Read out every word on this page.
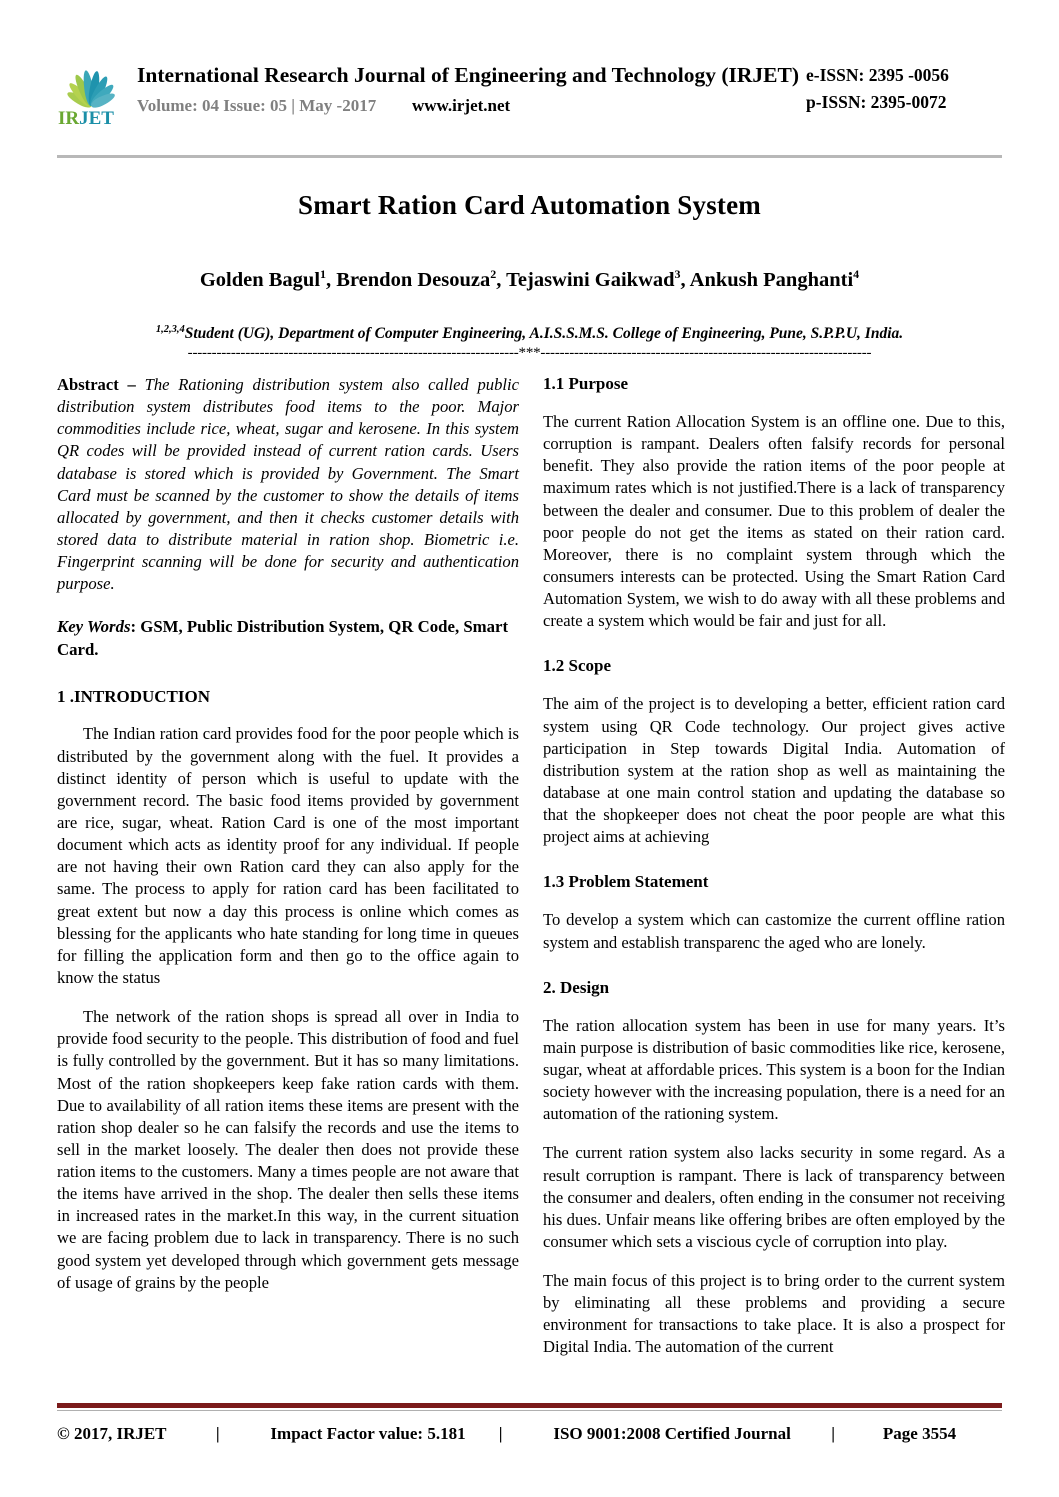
IRJET
International Research Journal of Engineering and Technology (IRJET)
Volume: 04 Issue: 05 | May -2017	www.irjet.net
e-ISSN: 2395 -0056
p-ISSN: 2395-0072
Smart Ration Card Automation System
Golden Bagul$^1$, Brendon Desouza$^2$, Tejaswini Gaikwad$^3$, Ankush Panghanti$^4$
$^{1,2,3,4}$Student (UG), Department of Computer Engineering, A.I.S.S.M.S. College of Engineering, Pune, S.P.P.U, India.
---------------------------------------------------------------------***---------------------------------------------------------------------

Abstract – The Rationing distribution system also called public distribution system distributes food items to the poor. Major commodities include rice, wheat, sugar and kerosene. In this system QR codes will be provided instead of current ration cards. Users database is stored which is provided by Government. The Smart Card must be scanned by the customer to show the details of items allocated by government, and then it checks customer details with stored data to distribute material in ration shop. Biometric i.e. Fingerprint scanning will be done for security and authentication purpose.

Key Words: GSM, Public Distribution System, QR Code, Smart Card.

1 .INTRODUCTION

The Indian ration card provides food for the poor people which is distributed by the government along with the fuel. It provides a distinct identity of person which is useful to update with the government record. The basic food items provided by government are rice, sugar, wheat. Ration Card is one of the most important document which acts as identity proof for any individual. If people are not having their own Ration card they can also apply for the same. The process to apply for ration card has been facilitated to great extent but now a day this process is online which comes as blessing for the applicants who hate standing for long time in queues for filling the application form and then go to the office again to know the status

The network of the ration shops is spread all over in India to provide food security to the people. This distribution of food and fuel is fully controlled by the government. But it has so many limitations. Most of the ration shopkeepers keep fake ration cards with them. Due to availability of all ration items these items are present with the ration shop dealer so he can falsify the records and use the items to sell in the market loosely. The dealer then does not provide these ration items to the customers. Many a times people are not aware that the items have arrived in the shop. The dealer then sells these items in increased rates in the market.In this way, in the current situation we are facing problem due to lack in transparency. There is no such good system yet developed through which government gets message of usage of grains by the people

1.1 Purpose

The current Ration Allocation System is an offline one. Due to this, corruption is rampant. Dealers often falsify records for personal benefit. They also provide the ration items of the poor people at maximum rates which is not justified.There is a lack of transparency between the dealer and consumer. Due to this problem of dealer the poor people do not get the items as stated on their ration card. Moreover, there is no complaint system through which the consumers interests can be protected. Using the Smart Ration Card Automation System, we wish to do away with all these problems and create a system which would be fair and just for all.

1.2 Scope

The aim of the project is to developing a better, efficient ration card system using QR Code technology. Our project gives active participation in Step towards Digital India. Automation of distribution system at the ration shop as well as maintaining the database at one main control station and updating the database so that the shopkeeper does not cheat the poor people are what this project aims at achieving

1.3 Problem Statement

To develop a system which can castomize the current offline ration system and establish transparenc the aged who are lonely.

2. Design

The ration allocation system has been in use for many years. It’s main purpose is distribution of basic commodities like rice, kerosene, sugar, wheat at affordable prices. This system is a boon for the Indian society however with the increasing population, there is a need for an automation of the rationing system.

The current ration system also lacks security in some regard. As a result corruption is rampant. There is lack of transparency between the consumer and dealers, often ending in the consumer not receiving his dues. Unfair means like offering bribes are often employed by the consumer which sets a viscious cycle of corruption into play.

The main focus of this project is to bring order to the current system by eliminating all these problems and providing a secure environment for transactions to take place. It is also a prospect for Digital India. The automation of the current

© 2017, IRJET	|	Impact Factor value: 5.181	|	ISO 9001:2008 Certified Journal	|	Page 3554
